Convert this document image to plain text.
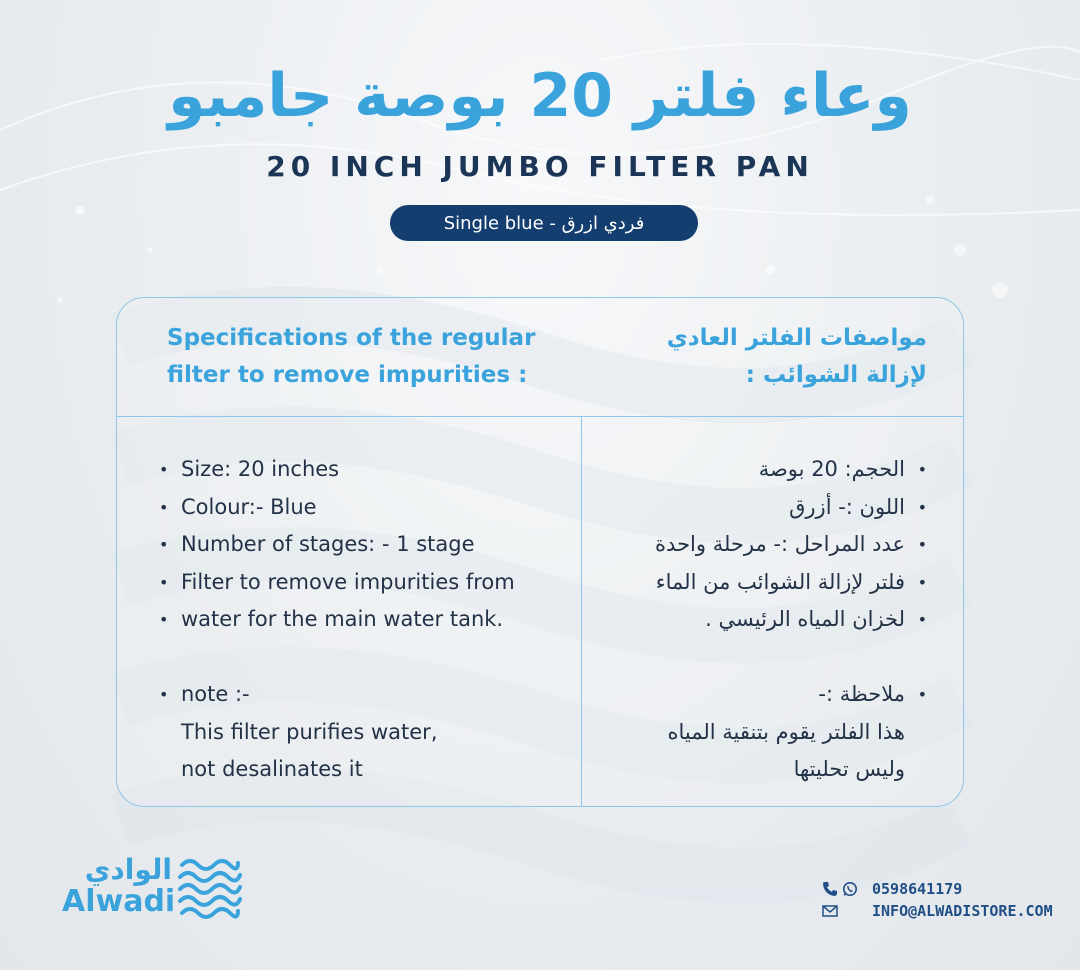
وعاء فلتر 20 بوصة جامبو
20 INCH JUMBO FILTER PAN
Single blue - فردي ازرق
Specifications of the regular
filter to remove impurities :
مواصفات الفلتر العادي
لإزالة الشوائب :
• Size: 20 inches
• Colour:- Blue
• Number of stages: - 1 stage
• Filter to remove impurities from
• water for the main water tank.
• note :-
This filter purifies water,
not desalinates it
•
الحجم: 20 بوصة
•
اللون :- أزرق
•
عدد المراحل :- مرحلة واحدة
•
فلتر لإزالة الشوائب من الماء
•
لخزان المياه الرئيسي .
•
ملاحظة :-
هذا الفلتر يقوم بتنقية المياه
وليس تحليتها
الوادي
Alwadi	0598641179
INFO@ALWADISTORE.COM
